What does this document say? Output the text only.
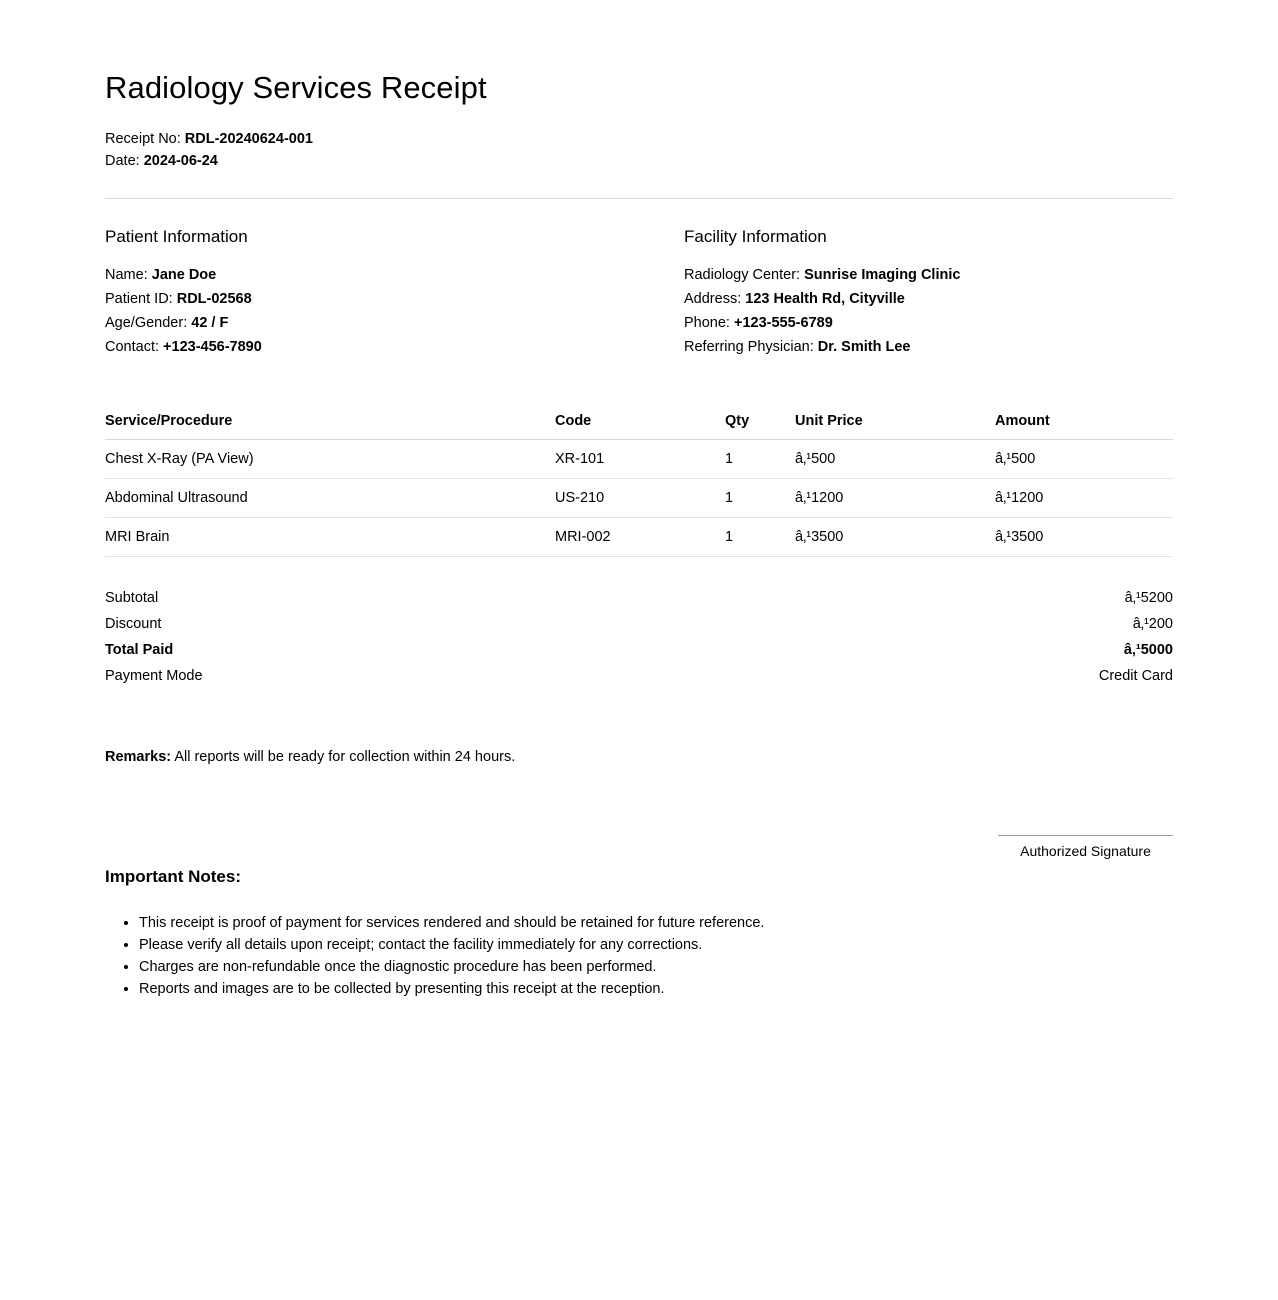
Radiology Services Receipt
Receipt No: RDL-20240624-001
Date: 2024-06-24
Patient Information
Name: Jane Doe
Patient ID: RDL-02568
Age/Gender: 42 / F
Contact: +123-456-7890
Facility Information
Radiology Center: Sunrise Imaging Clinic
Address: 123 Health Rd, Cityville
Phone: +123-555-6789
Referring Physician: Dr. Smith Lee
Service/Procedure	Code	Qty	Unit Price	Amount
Chest X-Ray (PA View)	XR-101	1	â‚¹500	â‚¹500
Abdominal Ultrasound	US-210	1	â‚¹1200	â‚¹1200
MRI Brain	MRI-002	1	â‚¹3500	â‚¹3500
Subtotal	â‚¹5200
Discount	â‚¹200
Total Paid	â‚¹5000
Payment Mode	Credit Card
Remarks: All reports will be ready for collection within 24 hours.
Authorized Signature
Important Notes:
• This receipt is proof of payment for services rendered and should be retained for future reference.
• Please verify all details upon receipt; contact the facility immediately for any corrections.
• Charges are non-refundable once the diagnostic procedure has been performed.
• Reports and images are to be collected by presenting this receipt at the reception.
